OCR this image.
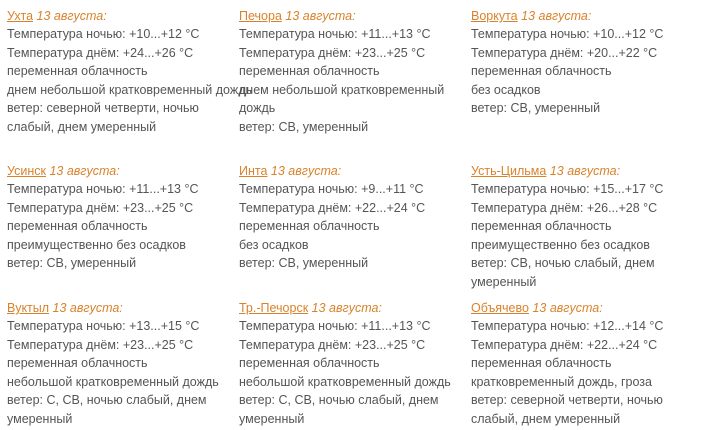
Ухта 13 августа:
Температура ночью: +10...+12 °C
Температура днём: +24...+26 °C
переменная облачность
днем небольшой кратковременный дождь
ветер: северной четверти, ночью слабый, днем умеренный
Печора 13 августа:
Температура ночью: +11...+13 °C
Температура днём: +23...+25 °C
переменная облачность
днем небольшой кратковременный дождь
ветер: СВ, умеренный
Воркута 13 августа:
Температура ночью: +10...+12 °C
Температура днём: +20...+22 °C
переменная облачность
без осадков
ветер: СВ, умеренный
Усинск 13 августа:
Температура ночью: +11...+13 °C
Температура днём: +23...+25 °C
переменная облачность
преимущественно без осадков
ветер: СВ, умеренный
Инта 13 августа:
Температура ночью: +9...+11 °C
Температура днём: +22...+24 °C
переменная облачность
без осадков
ветер: СВ, умеренный
Усть-Цильма 13 августа:
Температура ночью: +15...+17 °C
Температура днём: +26...+28 °C
переменная облачность
преимущественно без осадков
ветер: СВ, ночью слабый, днем умеренный
Вуктыл 13 августа:
Температура ночью: +13...+15 °C
Температура днём: +23...+25 °C
переменная облачность
небольшой кратковременный дождь
ветер: С, СВ, ночью слабый, днем умеренный
Тр.-Печорск 13 августа:
Температура ночью: +11...+13 °C
Температура днём: +23...+25 °C
переменная облачность
небольшой кратковременный дождь
ветер: С, СВ, ночью слабый, днем умеренный
Объячево 13 августа:
Температура ночью: +12...+14 °C
Температура днём: +22...+24 °C
переменная облачность
кратковременный дождь, гроза
ветер: северной четверти, ночью слабый, днем умеренный
